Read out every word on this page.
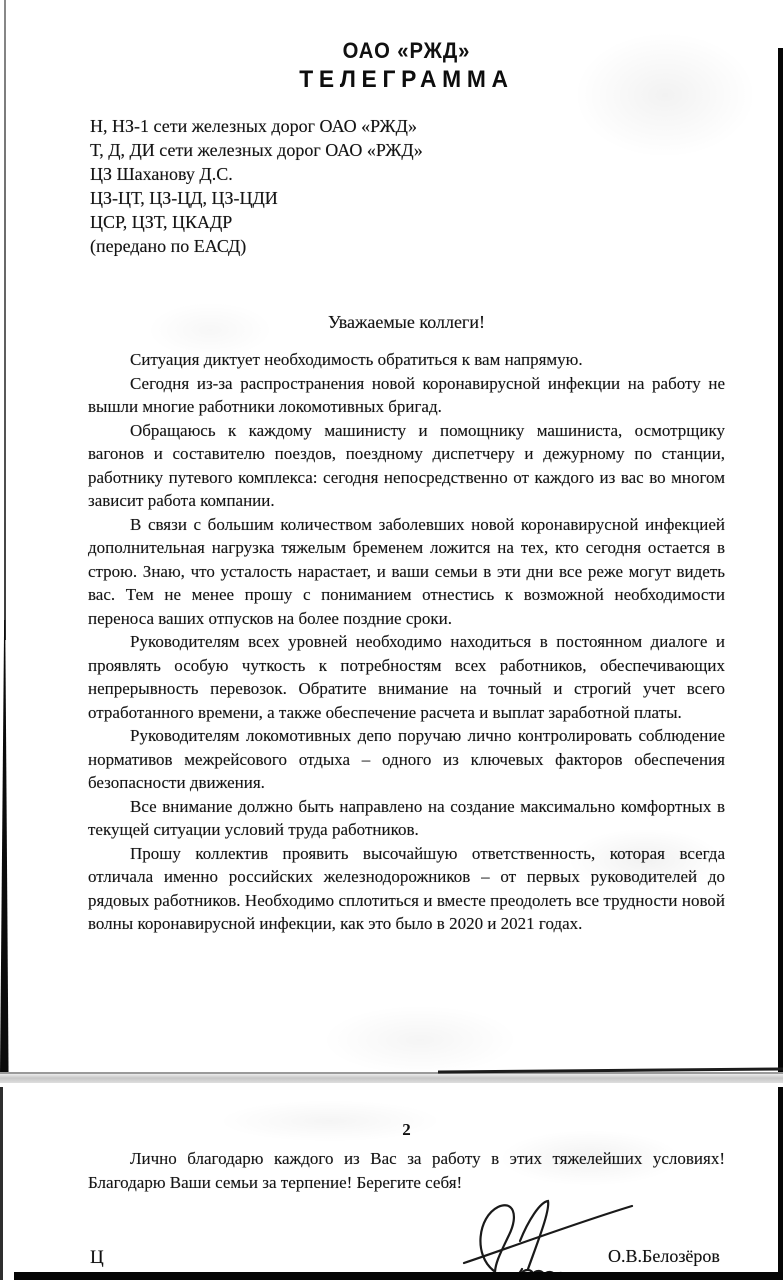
ОАО «РЖД»
ТЕЛЕГРАММА
Н, НЗ-1 сети железных дорог ОАО «РЖД»
Т, Д, ДИ сети железных дорог ОАО «РЖД»
ЦЗ Шаханову Д.С.
ЦЗ-ЦТ, ЦЗ-ЦД, ЦЗ-ЦДИ
ЦСР, ЦЗТ, ЦКАДР
(передано по ЕАСД)
Уважаемые коллеги!

Ситуация диктует необходимость обратиться к вам напрямую.

Сегодня из-за распространения новой коронавирусной инфекции на работу не вышли многие работники локомотивных бригад.

Обращаюсь к каждому машинисту и помощнику машиниста, осмотрщику вагонов и составителю поездов, поездному диспетчеру и дежурному по станции, работнику путевого комплекса: сегодня непосредственно от каждого из вас во многом зависит работа компании.

В связи с большим количеством заболевших новой коронавирусной инфекцией дополнительная нагрузка тяжелым бременем ложится на тех, кто сегодня остается в строю. Знаю, что усталость нарастает, и ваши семьи в эти дни все реже могут видеть вас. Тем не менее прошу с пониманием отнестись к возможной необходимости переноса ваших отпусков на более поздние сроки.

Руководителям всех уровней необходимо находиться в постоянном диалоге и проявлять особую чуткость к потребностям всех работников, обеспечивающих непрерывность перевозок. Обратите внимание на точный и строгий учет всего отработанного времени, а также обеспечение расчета и выплат заработной платы.

Руководителям локомотивных депо поручаю лично контролировать соблюдение нормативов межрейсового отдыха – одного из ключевых факторов обеспечения безопасности движения.

Все внимание должно быть направлено на создание максимально комфортных в текущей ситуации условий труда работников.

Прошу коллектив проявить высочайшую ответственность, которая всегда отличала именно российских железнодорожников – от первых руководителей до рядовых работников. Необходимо сплотиться и вместе преодолеть все трудности новой волны коронавирусной инфекции, как это было в 2020 и 2021 годах.

2

Лично благодарю каждого из Вас за работу в этих тяжелейших условиях! Благодарю Ваши семьи за терпение! Берегите себя!

Ц	О.В.Белозёров
